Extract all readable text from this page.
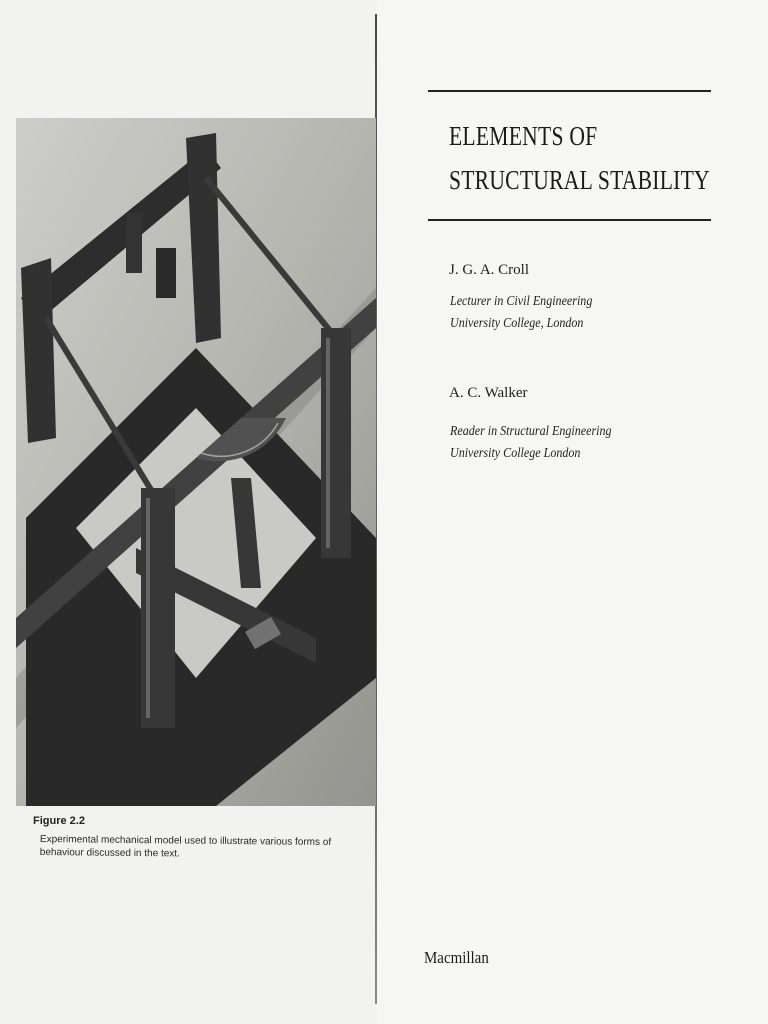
Figure 2.2
Experimental mechanical model used to illustrate various forms of behaviour discussed in the text.
ELEMENTS OF
STRUCTURAL STABILITY
J. G. A. Croll
Lecturer in Civil Engineering
University College, London
A. C. Walker
Reader in Structural Engineering
University College London
Macmillan
